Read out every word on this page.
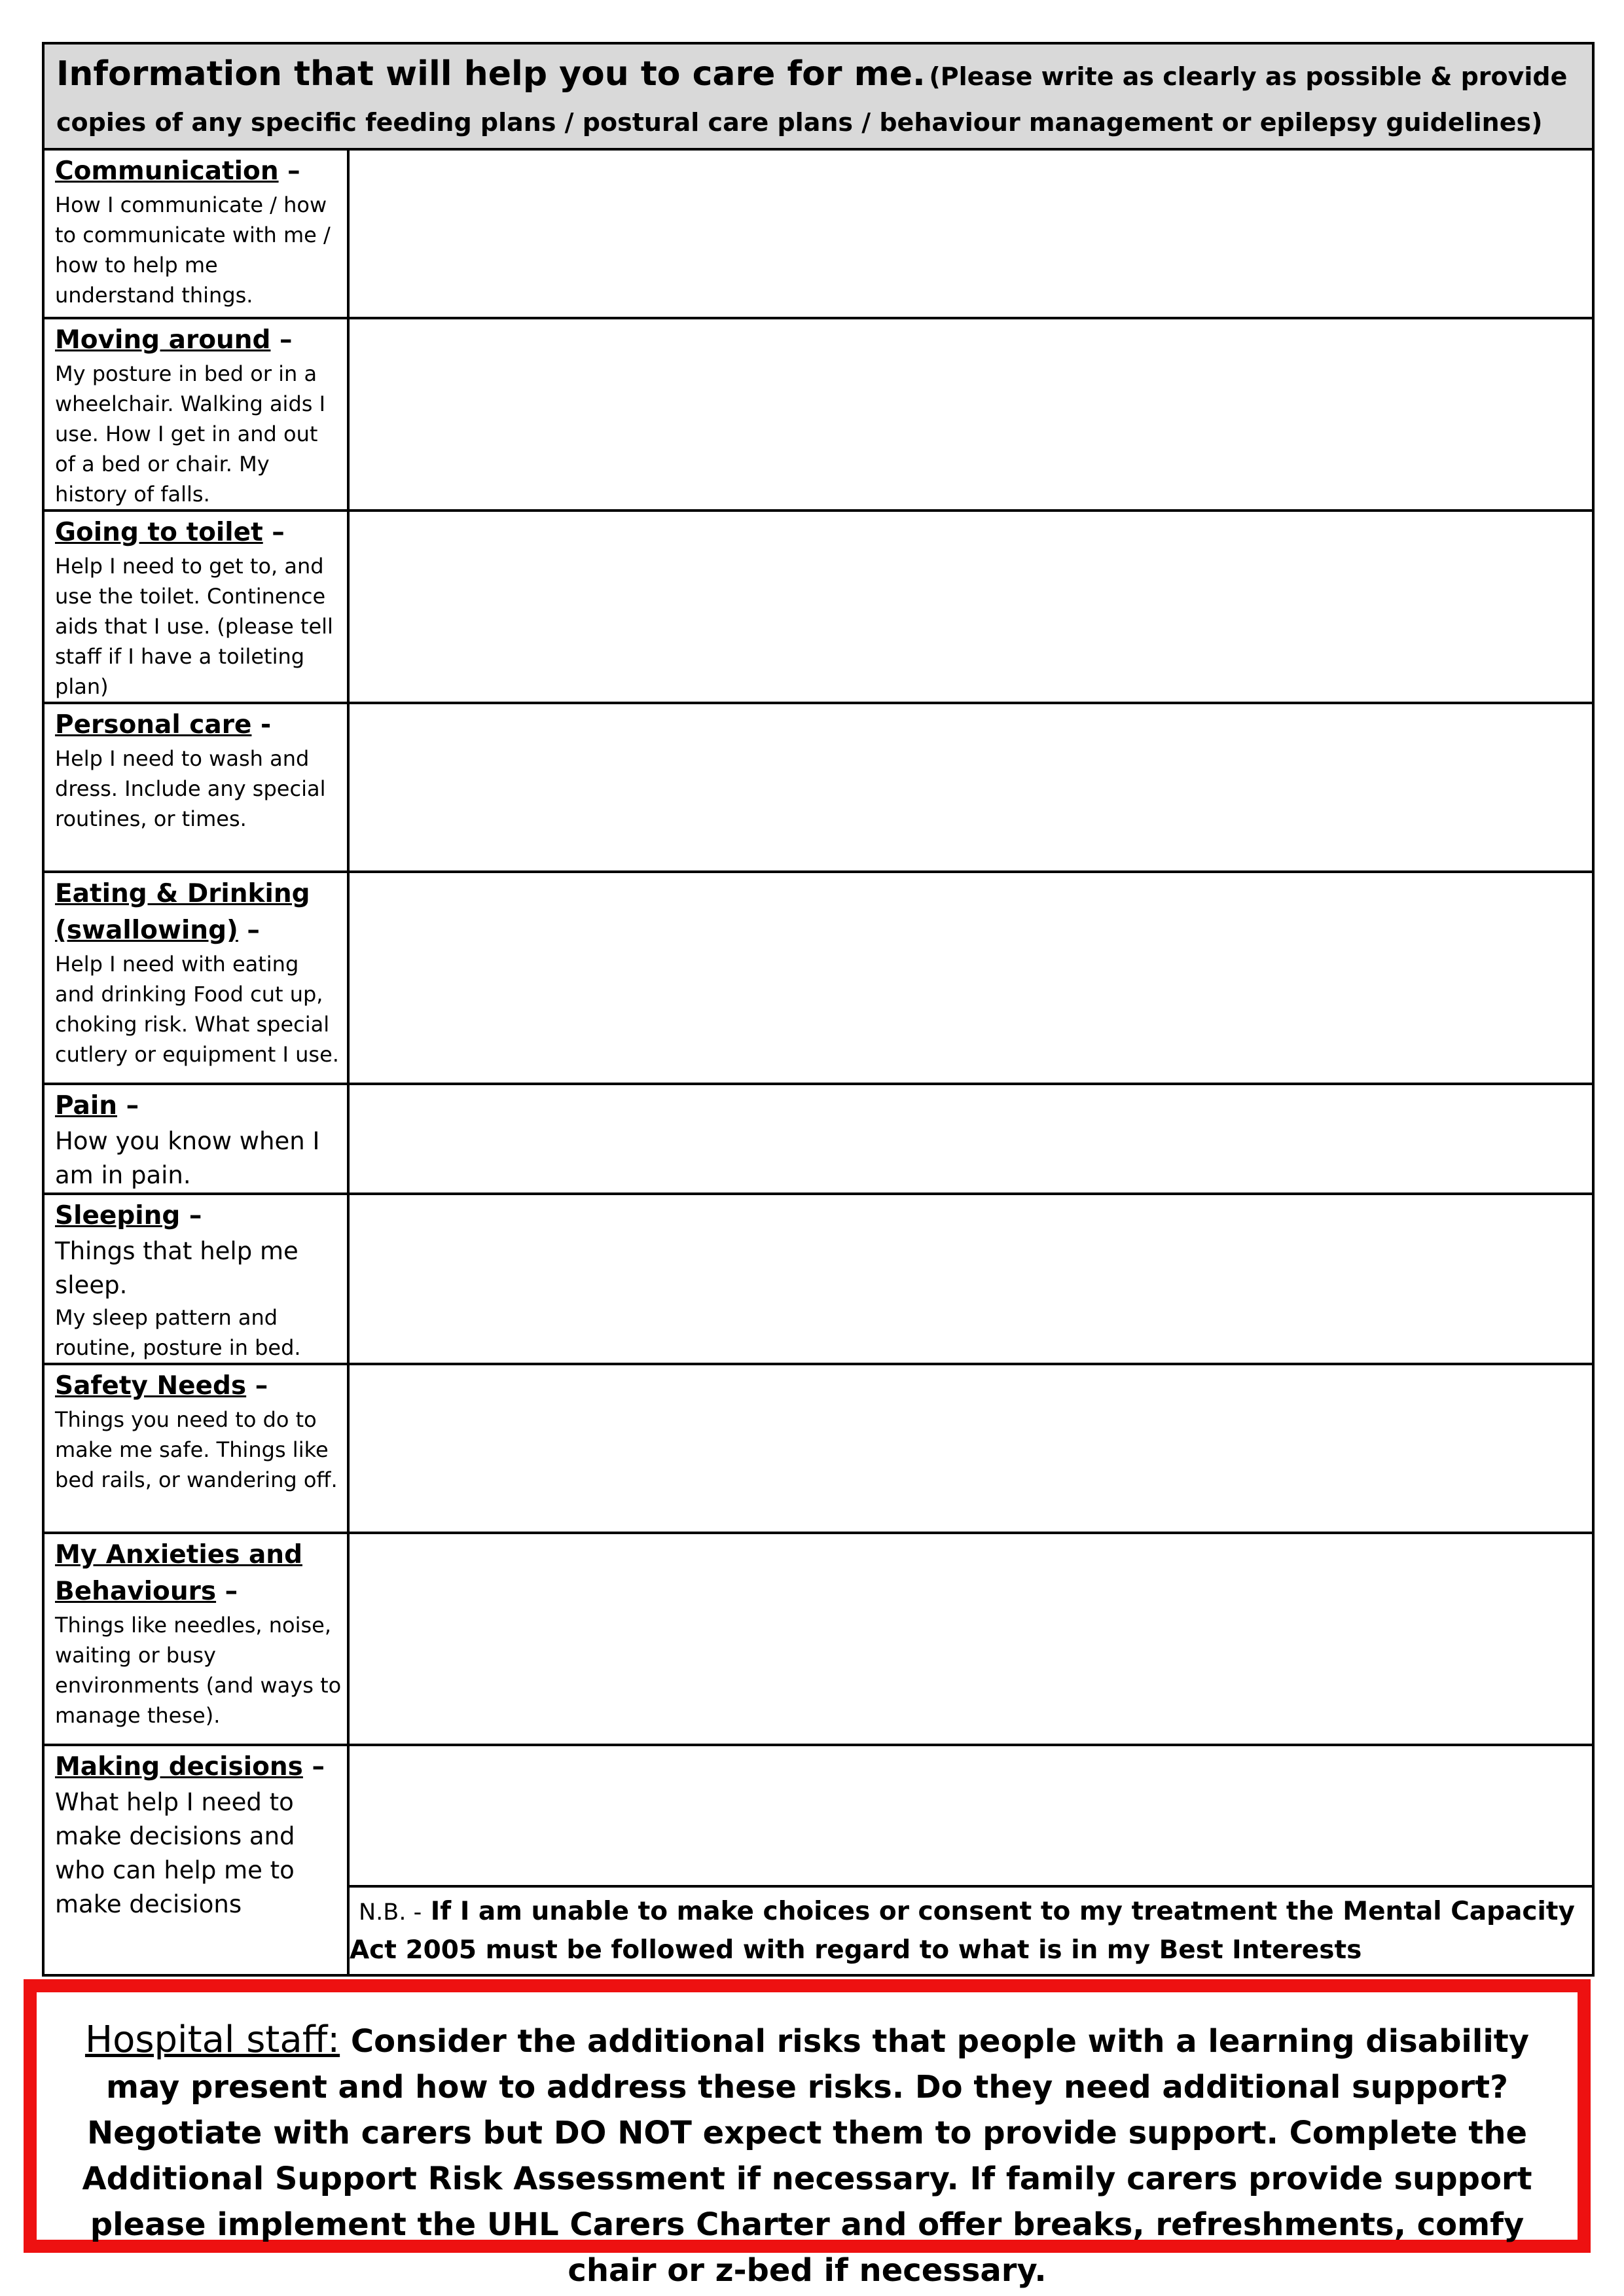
Information that will help you to care for me. (Please write as clearly as possible & provide copies of any specific feeding plans / postural care plans / behaviour management or epilepsy guidelines)	
Communication –
How I communicate / how to communicate with me / how to help me understand things.	

Moving around –
My posture in bed or in a wheelchair. Walking aids I use. How I get in and out of a bed or chair. My history of falls.	

Going to toilet –
Help I need to get to, and use the toilet. Continence aids that I use. (please tell staff if I have a toileting plan)	

Personal care -
Help I need to wash and dress. Include any special routines, or times.	

Eating & Drinking (swallowing) –
Help I need with eating and drinking Food cut up, choking risk. What special cutlery or equipment I use.	

Pain –
How you know when I am in pain.	

Sleeping –
Things that help me sleep.
My sleep pattern and routine, posture in bed.	

Safety Needs –
Things you need to do to make me safe. Things like bed rails, or wandering off.	

My Anxieties and Behaviours –
Things like needles, noise, waiting or busy environments (and ways to manage these).	

Making decisions –
What help I need to make decisions and who can help me to make decisions	

	N.B. - If I am unable to make choices or consent to my treatment the Mental Capacity Act 2005 must be followed with regard to what is in my Best Interests
Hospital staff: Consider the additional risks that people with a learning disability may present and how to address these risks. Do they need additional support? Negotiate with carers but DO NOT expect them to provide support. Complete the Additional Support Risk Assessment if necessary. If family carers provide support please implement the UHL Carers Charter and offer breaks, refreshments, comfy chair or z-bed if necessary.
